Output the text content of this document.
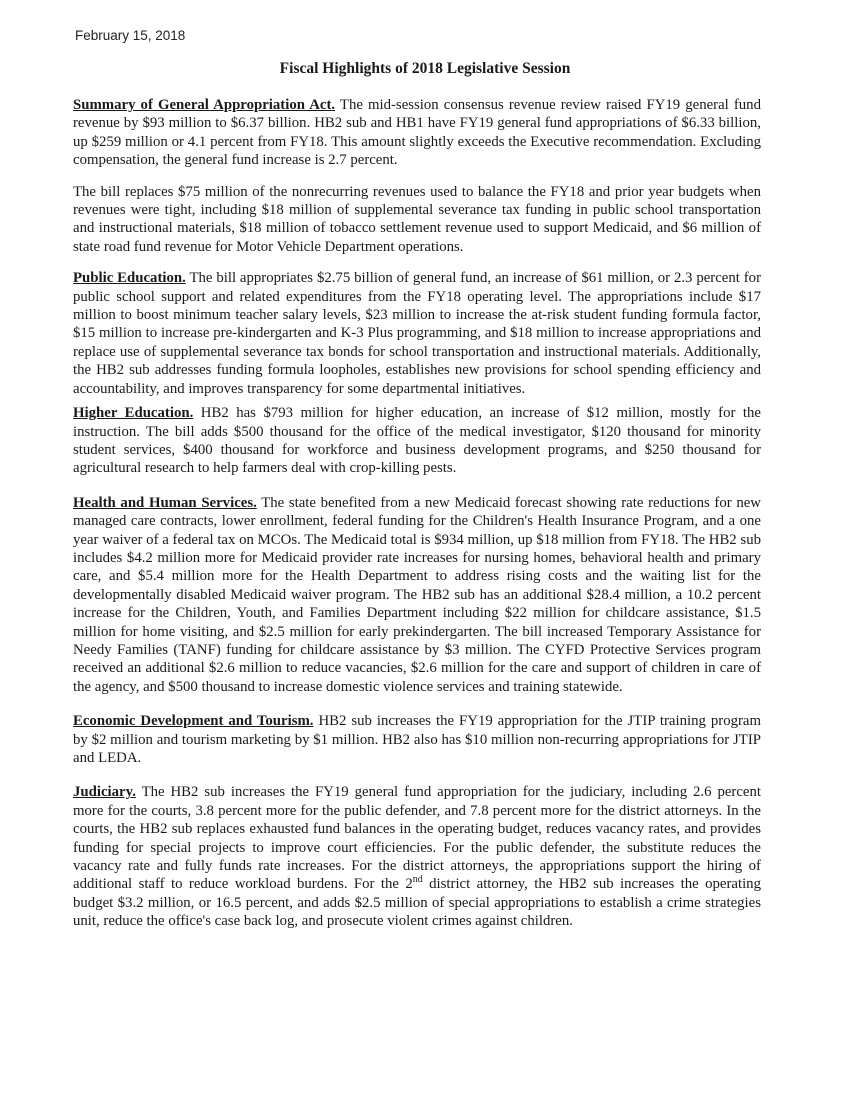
February 15, 2018
Fiscal Highlights of 2018 Legislative Session

Summary of General Appropriation Act. The mid-session consensus revenue review raised FY19 general fund revenue by $93 million to $6.37 billion. HB2 sub and HB1 have FY19 general fund appropriations of $6.33 billion, up $259 million or 4.1 percent from FY18. This amount slightly exceeds the Executive recommendation. Excluding compensation, the general fund increase is 2.7 percent.

The bill replaces $75 million of the nonrecurring revenues used to balance the FY18 and prior year budgets when revenues were tight, including $18 million of supplemental severance tax funding in public school transportation and instructional materials, $18 million of tobacco settlement revenue used to support Medicaid, and $6 million of state road fund revenue for Motor Vehicle Department operations.

Public Education. The bill appropriates $2.75 billion of general fund, an increase of $61 million, or 2.3 percent for public school support and related expenditures from the FY18 operating level. The appropriations include $17 million to boost minimum teacher salary levels, $23 million to increase the at-risk student funding formula factor, $15 million to increase pre-kindergarten and K-3 Plus programming, and $18 million to increase appropriations and replace use of supplemental severance tax bonds for school transportation and instructional materials. Additionally, the HB2 sub addresses funding formula loopholes, establishes new provisions for school spending efficiency and accountability, and improves transparency for some departmental initiatives.

Higher Education. HB2 has $793 million for higher education, an increase of $12 million, mostly for the instruction. The bill adds $500 thousand for the office of the medical investigator, $120 thousand for minority student services, $400 thousand for workforce and business development programs, and $250 thousand for agricultural research to help farmers deal with crop-killing pests.

Health and Human Services. The state benefited from a new Medicaid forecast showing rate reductions for new managed care contracts, lower enrollment, federal funding for the Children's Health Insurance Program, and a one year waiver of a federal tax on MCOs. The Medicaid total is $934 million, up $18 million from FY18. The HB2 sub includes $4.2 million more for Medicaid provider rate increases for nursing homes, behavioral health and primary care, and $5.4 million more for the Health Department to address rising costs and the waiting list for the developmentally disabled Medicaid waiver program. The HB2 sub has an additional $28.4 million, a 10.2 percent increase for the Children, Youth, and Families Department including $22 million for childcare assistance, $1.5 million for home visiting, and $2.5 million for early prekindergarten. The bill increased Temporary Assistance for Needy Families (TANF) funding for childcare assistance by $3 million. The CYFD Protective Services program received an additional $2.6 million to reduce vacancies, $2.6 million for the care and support of children in care of the agency, and $500 thousand to increase domestic violence services and training statewide.

Economic Development and Tourism. HB2 sub increases the FY19 appropriation for the JTIP training program by $2 million and tourism marketing by $1 million. HB2 also has $10 million non-recurring appropriations for JTIP and LEDA.

Judiciary. The HB2 sub increases the FY19 general fund appropriation for the judiciary, including 2.6 percent more for the courts, 3.8 percent more for the public defender, and 7.8 percent more for the district attorneys. In the courts, the HB2 sub replaces exhausted fund balances in the operating budget, reduces vacancy rates, and provides funding for special projects to improve court efficiencies. For the public defender, the substitute reduces the vacancy rate and fully funds rate increases. For the district attorneys, the appropriations support the hiring of additional staff to reduce workload burdens. For the 2nd district attorney, the HB2 sub increases the operating budget $3.2 million, or 16.5 percent, and adds $2.5 million of special appropriations to establish a crime strategies unit, reduce the office's case back log, and prosecute violent crimes against children.
